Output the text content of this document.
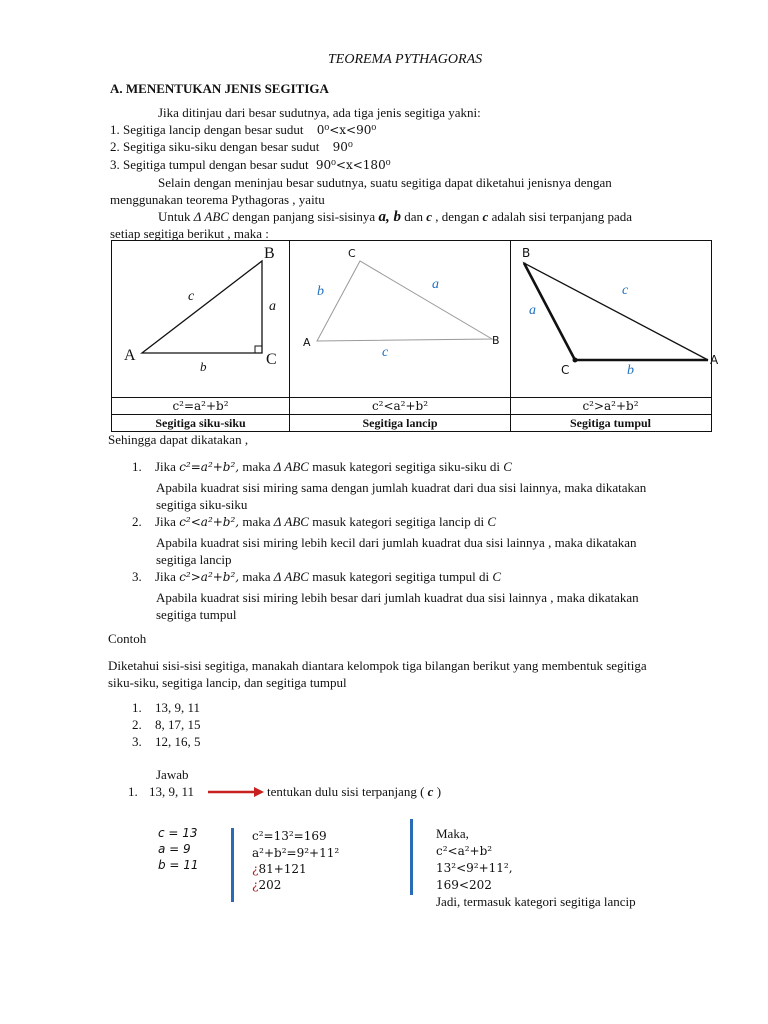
TEOREMA PYTHAGORAS
A. MENENTUKAN JENIS SEGITIGA
Jika ditinjau dari besar sudutnya, ada tiga jenis segitiga yakni:
1. Segitiga lancip dengan besar sudut 0⁰<x<90⁰
2. Segitiga siku-siku dengan besar sudut 90⁰
3. Segitiga tumpul dengan besar sudut 90⁰<x<180⁰
Selain dengan meninjau besar sudutnya, suatu segitiga dapat diketahui jenisnya dengan
menggunakan teorema Pythagoras , yaitu
Untuk Δ ABC dengan panjang sisi-sisinya a, b dan c , dengan c adalah sisi terpanjang pada
setiap segitiga berikut , maka :
A
B
C
a
b
c
A	B
C
a
b
c
B
A
C
a
b
c
c²=a²+b²	c²<a²+b²	c²>a²+b²
Segitiga siku-siku	Segitiga lancip	Segitiga tumpul
Sehingga dapat dikatakan ,
1. Jika c²=a²+b², maka Δ ABC masuk kategori segitiga siku-siku di C
Apabila kuadrat sisi miring sama dengan jumlah kuadrat dari dua sisi lainnya, maka dikatakan
segitiga siku-siku
2. Jika c²<a²+b², maka Δ ABC masuk kategori segitiga lancip di C
Apabila kuadrat sisi miring lebih kecil dari jumlah kuadrat dua sisi lainnya , maka dikatakan
segitiga lancip
3. Jika c²>a²+b², maka Δ ABC masuk kategori segitiga tumpul di C
Apabila kuadrat sisi miring lebih besar dari jumlah kuadrat dua sisi lainnya , maka dikatakan
segitiga tumpul
Contoh
Diketahui sisi-sisi segitiga, manakah diantara kelompok tiga bilangan berikut yang membentuk segitiga
siku-siku, segitiga lancip, dan segitiga tumpul
1. 13, 9, 11
2. 8, 17, 15
3. 12, 16, 5
Jawab
1. 13, 9, 11	tentukan dulu sisi terpanjang ( c )
c = 13
a = 9
b = 11
c²=13²=169
a²+b²=9²+11²
¿81+121
¿202
Maka,
c²<a²+b²
13²<9²+11²,
169<202
Jadi, termasuk kategori segitiga lancip
